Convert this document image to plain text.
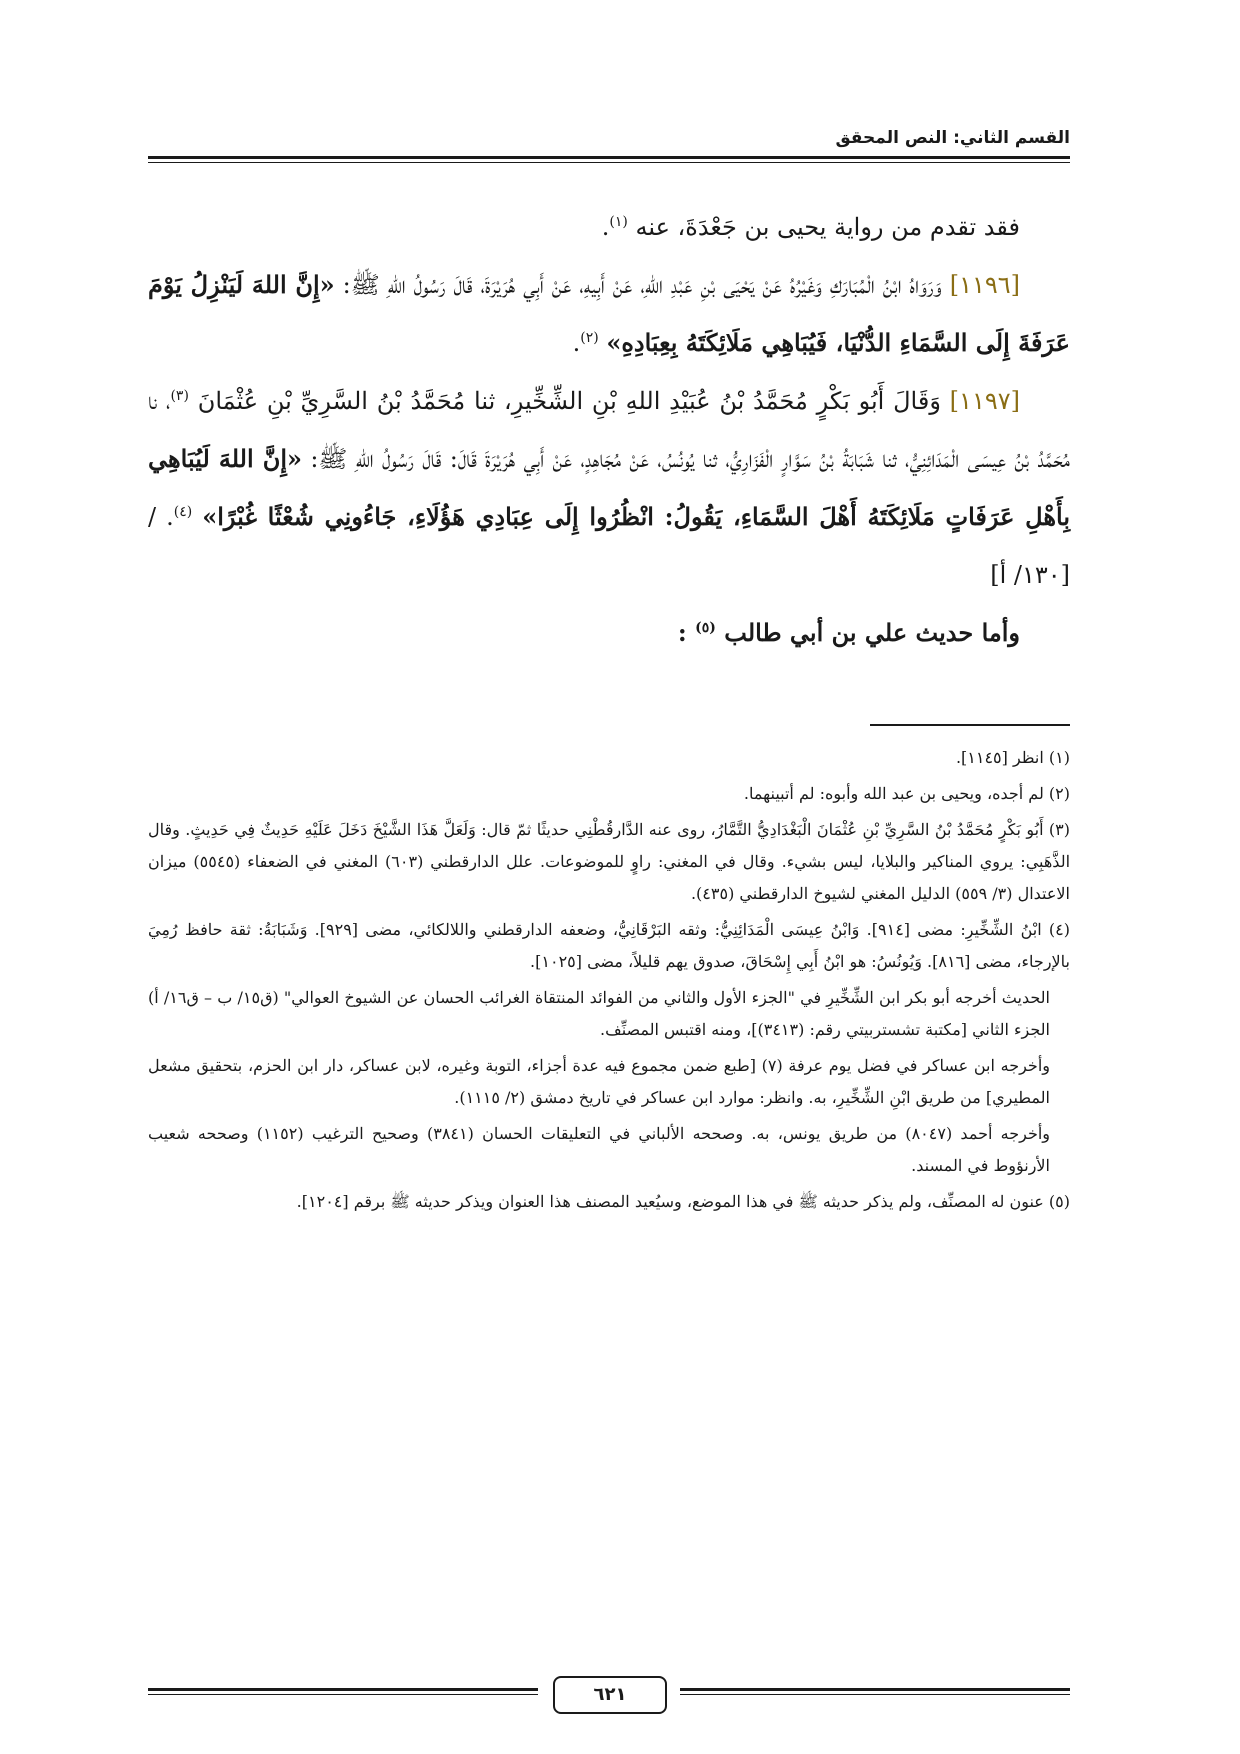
القسم الثاني: النص المحقق

فقد تقدم من رواية يحيى بن جَعْدَةَ، عنه $^{(١)}$.

[١١٩٦] وَرَوَاهُ ابْنُ الْمُبَارَكِ وَغَيْرُهُ عَنْ يَحْيَى بْنِ عَبْدِ اللهِ، عَنْ أَبِيهِ، عَنْ أَبِي هُرَيْرَةَ، قَالَ رَسُولُ اللهِ ﷺ: «إِنَّ اللهَ لَيَنْزِلُ يَوْمَ عَرَفَةَ إِلَى السَّمَاءِ الدُّنْيَا، فَيُبَاهِي مَلَائِكَتَهُ بِعِبَادِهِ» $^{(٢)}$.

[١١٩٧] وَقَالَ أَبُو بَكْرٍ مُحَمَّدُ بْنُ عُبَيْدِ اللهِ بْنِ الشِّخِّيرِ، ثنا مُحَمَّدُ بْنُ السَّرِيِّ بْنِ عُثْمَانَ $^{(٣)}$، نا مُحَمَّدُ بْنُ عِيسَى الْمَدَائِنِيُّ، ثنا شَبَابَةُ بْنُ سَوَّارٍ الْفَزَارِيُّ، ثنا يُونُسُ، عَنْ مُجَاهِدٍ، عَنْ أَبِي هُرَيْرَةَ قَالَ: قَالَ رَسُولُ اللهِ ﷺ: «إِنَّ اللهَ لَيُبَاهِي بِأَهْلِ عَرَفَاتٍ مَلَائِكَتَهُ أَهْلَ السَّمَاءِ، يَقُولُ: انْظُرُوا إِلَى عِبَادِي هَؤُلَاءِ، جَاءُونِي شُعْثًا غُبْرًا» $^{(٤)}$. / [١٣٠/ أ]

وأما حديث علي بن أبي طالب $^{(٥)}$ :

(١) انظر [١١٤٥].

(٢) لم أجده، ويحيى بن عبد الله وأبوه: لم أتبينهما.

(٣) أَبُو بَكْرٍ مُحَمَّدُ بْنُ السَّرِيِّ بْنِ عُثْمَانَ الْبَغْدَادِيُّ التَّمَّارُ، روى عنه الدَّارقُطْنِي حديثًا ثمّ قال: وَلَعَلَّ هَذَا الشَّيْخَ دَخَلَ عَلَيْهِ حَدِيثٌ فِي حَدِيثٍ. وقال الذَّهَبِي: يروي المناكير والبلايا، ليس بشيء. وقال في المغني: راوٍ للموضوعات. علل الدارقطني (٦٠٣) المغني في الضعفاء (٥٥٤٥) ميزان الاعتدال (٣/ ٥٥٩) الدليل المغني لشيوخ الدارقطني (٤٣٥).

(٤) ابْنُ الشِّخِّيرِ: مضى [٩١٤]. وَابْنُ عِيسَى الْمَدَائِنِيُّ: وثقه البَرْقَانِيُّ، وضعفه الدارقطني واللالكائي، مضى [٩٢٩]. وَشَبَابَةُ: ثقة حافظ رُمِيَ بالإرجاء، مضى [٨١٦]. وَيُونُسُ: هو ابْنُ أَبِي إِسْحَاقَ، صدوق يهم قليلاً، مضى [١٠٢٥].

الحديث أخرجه أبو بكر ابن الشِّخِّيرِ في "الجزء الأول والثاني من الفوائد المنتقاة الغرائب الحسان عن الشيوخ العوالي" (ق١٥/ ب – ق١٦/ أ) الجزء الثاني [مكتبة تشستربيتي رقم: (٣٤١٣)]، ومنه اقتبس المصنِّف.

وأخرجه ابن عساكر في فضل يوم عرفة (٧) [طبع ضمن مجموع فيه عدة أجزاء، التوبة وغيره، لابن عساكر، دار ابن الحزم، بتحقيق مشعل المطيري] من طريق ابْنِ الشِّخِّيرِ، به. وانظر: موارد ابن عساكر في تاريخ دمشق (٢/ ١١١٥).

وأخرجه أحمد (٨٠٤٧) من طريق يونس، به. وصححه الألباني في التعليقات الحسان (٣٨٤١) وصحيح الترغيب (١١٥٢) وصححه شعيب الأرنؤوط في المسند.

(٥) عنون له المصنِّف، ولم يذكر حديثه ﷺ في هذا الموضع، وسيُعيد المصنف هذا العنوان ويذكر حديثه ﷺ برقم [١٢٠٤].

٦٢١
